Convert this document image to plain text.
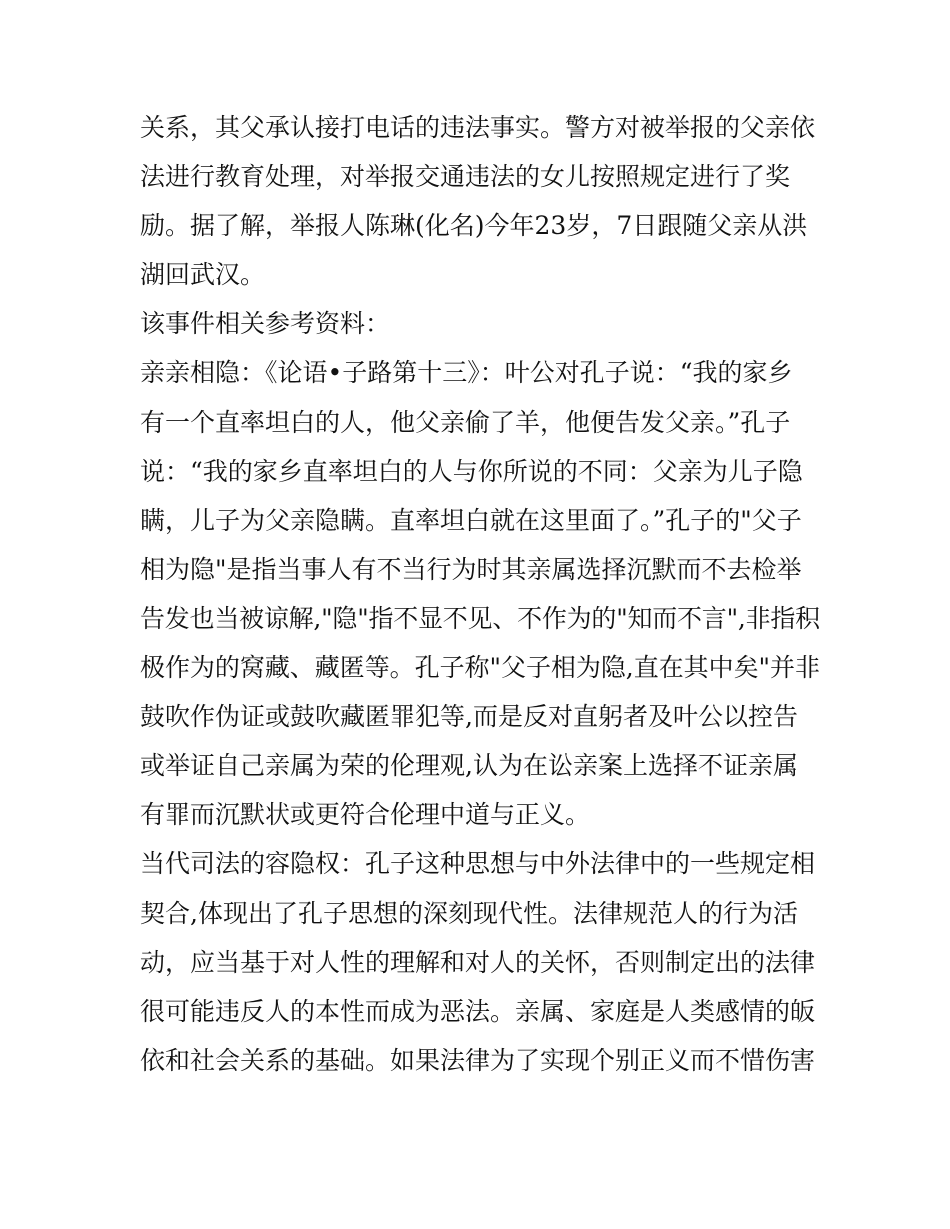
关系，其父承认接打电话的违法事实。警方对被举报的父亲依
法进行教育处理，对举报交通违法的女儿按照规定进行了奖
励。据了解，举报人陈琳(化名)今年23岁，7日跟随父亲从洪
湖回武汉。
该事件相关参考资料：
亲亲相隐：《论语•子路第十三》：叶公对孔子说：“我的家乡
有一个直率坦白的人，他父亲偷了羊，他便告发父亲。”孔子
说：“我的家乡直率坦白的人与你所说的不同：父亲为儿子隐
瞒，儿子为父亲隐瞒。直率坦白就在这里面了。”孔子的"父子
相为隐"是指当事人有不当行为时其亲属选择沉默而不去检举
告发也当被谅解,"隐"指不显不见、不作为的"知而不言",非指积
极作为的窝藏、藏匿等。孔子称"父子相为隐,直在其中矣"并非
鼓吹作伪证或鼓吹藏匿罪犯等,而是反对直躬者及叶公以控告
或举证自己亲属为荣的伦理观,认为在讼亲案上选择不证亲属
有罪而沉默状或更符合伦理中道与正义。
当代司法的容隐权：孔子这种思想与中外法律中的一些规定相
契合,体现出了孔子思想的深刻现代性。法律规范人的行为活
动，应当基于对人性的理解和对人的关怀，否则制定出的法律
很可能违反人的本性而成为恶法。亲属、家庭是人类感情的皈
依和社会关系的基础。如果法律为了实现个别正义而不惜伤害
